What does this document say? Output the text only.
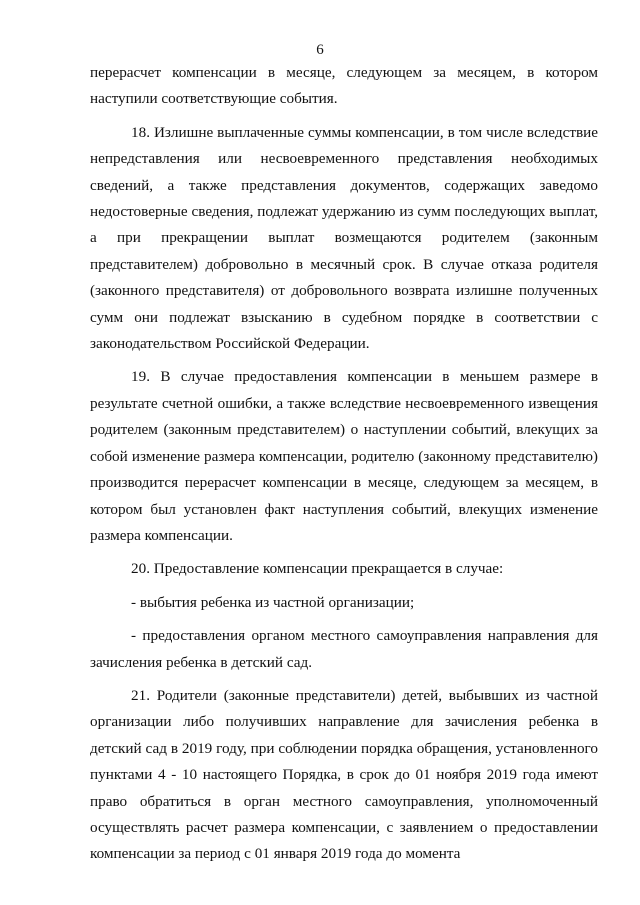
6

перерасчет компенсации в месяце, следующем за месяцем, в котором наступили соответствующие события.

18. Излишне выплаченные суммы компенсации, в том числе вследствие непредставления или несвоевременного представления необходимых сведений, а также представления документов, содержащих заведомо недостоверные сведения, подлежат удержанию из сумм последующих выплат, а при прекращении выплат возмещаются родителем (законным представителем) добровольно в месячный срок. В случае отказа родителя (законного представителя) от добровольного возврата излишне полученных сумм они подлежат взысканию в судебном порядке в соответствии с законодательством Российской Федерации.

19. В случае предоставления компенсации в меньшем размере в результате счетной ошибки, а также вследствие несвоевременного извещения родителем (законным представителем) о наступлении событий, влекущих за собой изменение размера компенсации, родителю (законному представителю) производится перерасчет компенсации в месяце, следующем за месяцем, в котором был установлен факт наступления событий, влекущих изменение размера компенсации.

20. Предоставление компенсации прекращается в случае:

- выбытия ребенка из частной организации;

- предоставления органом местного самоуправления направления для зачисления ребенка в детский сад.

21. Родители (законные представители) детей, выбывших из частной организации либо получивших направление для зачисления ребенка в детский сад в 2019 году, при соблюдении порядка обращения, установленного пунктами 4 - 10 настоящего Порядка, в срок до 01 ноября 2019 года имеют право обратиться в орган местного самоуправления, уполномоченный осуществлять расчет размера компенсации, с заявлением о предоставлении компенсации за период с 01 января 2019 года до момента
